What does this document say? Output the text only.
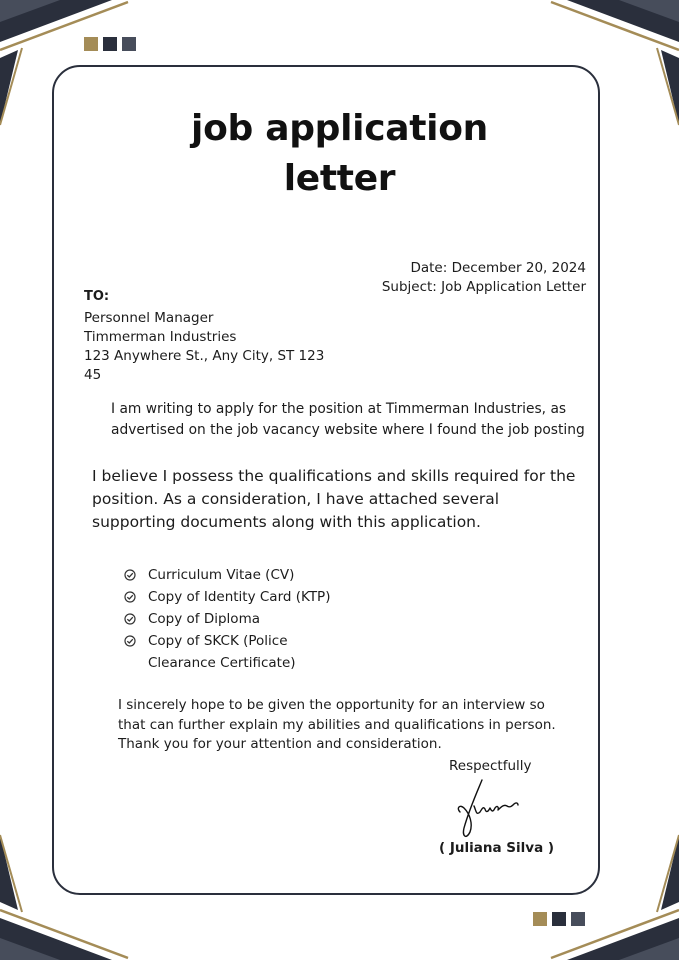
job application
letter
Date: December 20, 2024
Subject: Job Application Letter
TO:
Personnel Manager
Timmerman Industries
123 Anywhere St., Any City, ST 123
45
I am writing to apply for the position at Timmerman Industries, as advertised on the job vacancy website where I found the job posting
I believe I possess the qualifications and skills required for the position. As a consideration, I have attached several supporting documents along with this application.
Curriculum Vitae (CV)
Copy of Identity Card (KTP)
Copy of Diploma
Copy of SKCK (Police Clearance Certificate)
I sincerely hope to be given the opportunity for an interview so that can further explain my abilities and qualifications in person. Thank you for your attention and consideration.
Respectfully
( Juliana Silva )
